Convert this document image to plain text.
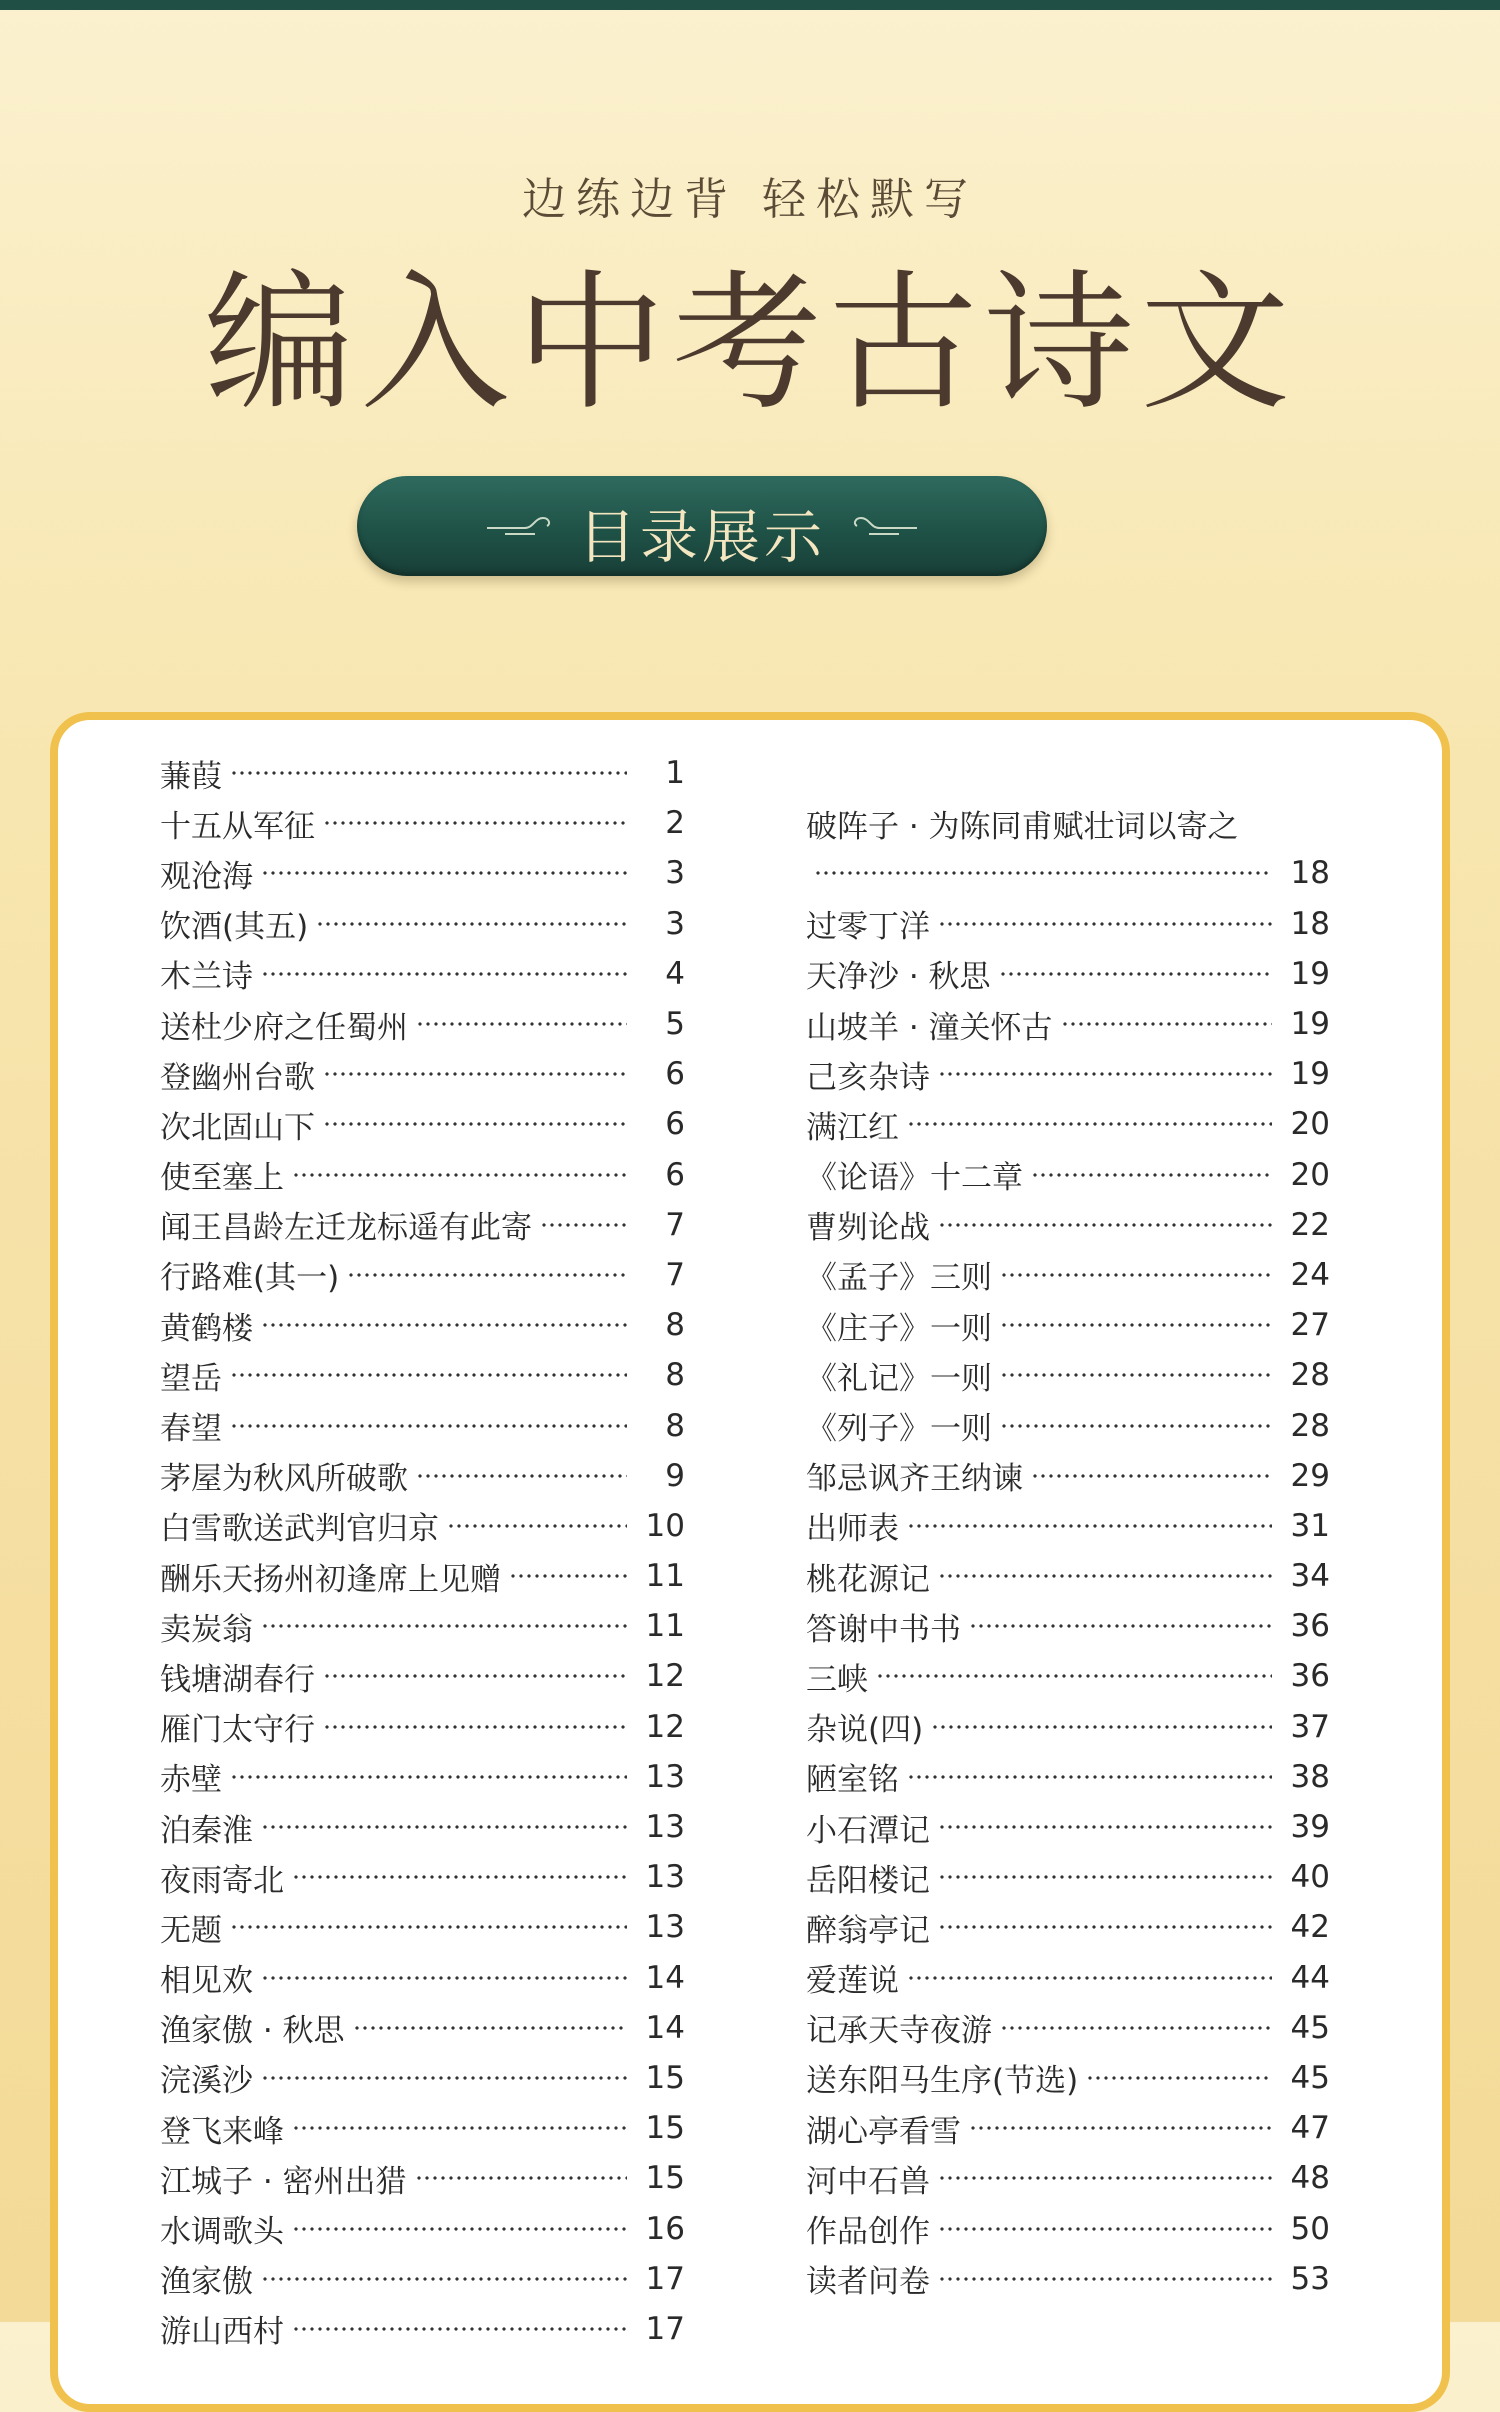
边练边背 轻松默写
编入中考古诗文
目录展示
蒹葭	1
十五从军征	2
观沧海	3
饮酒(其五)	3
木兰诗	4
送杜少府之任蜀州	5
登幽州台歌	6
次北固山下	6
使至塞上	6
闻王昌龄左迁龙标遥有此寄	7
行路难(其一)	7
黄鹤楼	8
望岳	8
春望	8
茅屋为秋风所破歌	9
白雪歌送武判官归京	10
酬乐天扬州初逢席上见赠	11
卖炭翁	11
钱塘湖春行	12
雁门太守行	12
赤壁	13
泊秦淮	13
夜雨寄北	13
无题	13
相见欢	14
渔家傲 · 秋思	14
浣溪沙	15
登飞来峰	15
江城子 · 密州出猎	15
水调歌头	16
渔家傲	17
游山西村	17
破阵子 · 为陈同甫赋壮词以寄之
18
过零丁洋	18
天净沙 · 秋思	19
山坡羊 · 潼关怀古	19
己亥杂诗	19
满江红	20
《论语》十二章	20
曹刿论战	22
《孟子》三则	24
《庄子》一则	27
《礼记》一则	28
《列子》一则	28
邹忌讽齐王纳谏	29
出师表	31
桃花源记	34
答谢中书书	36
三峡	36
杂说(四)	37
陋室铭	38
小石潭记	39
岳阳楼记	40
醉翁亭记	42
爱莲说	44
记承天寺夜游	45
送东阳马生序(节选)	45
湖心亭看雪	47
河中石兽	48
作品创作	50
读者问卷	53
